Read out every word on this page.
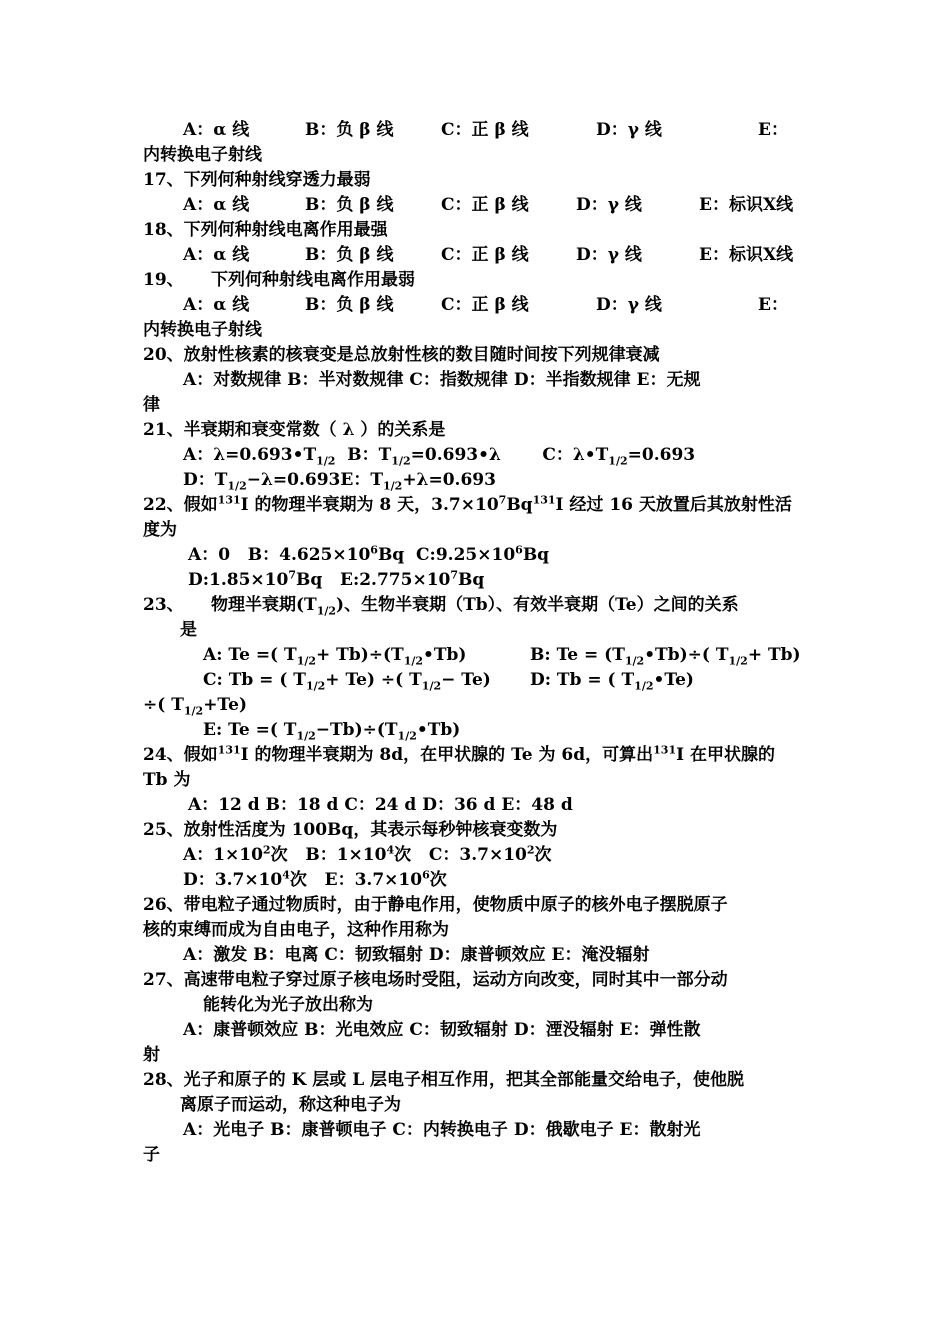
A：α 线	B：负 β 线	C：正 β 线	D：γ 线	E：
内转换电子射线
17、下列何种射线穿透力最弱
A：α 线	B：负 β 线	C：正 β 线	D：γ 线	E：标识Ⅹ线
18、下列何种射线电离作用最强
A：α 线	B：负 β 线	C：正 β 线	D：γ 线	E：标识Ⅹ线
19、 下列何种射线电离作用最弱
A：α 线	B：负 β 线	C：正 β 线	D：γ 线	E：
内转换电子射线
20、放射性核素的核衰变是总放射性核的数目随时间按下列规律衰减
A：对数规律 B：半对数规律 C：指数规律 D：半指数规律 E：无规
律
21、半衰期和衰变常数（ λ ）的关系是
A：$\lambda=0.693•T_{1/2}$  B：$T_{1/2}=0.693•\lambda$       C：$\lambda•T_{1/2}=0.693$
D：$T_{1/2}-\lambda=0.693E$：$T_{1/2}+\lambda=0.693$
22、假如$^{131}$I 的物理半衰期为 8 天，$3.7\times 10^7Bq^{131}I$ 经过 16 天放置后其放射性活
度为
A：0   B：$4.625\times 10^6Bq$  $C:9.25\times 10^6Bq$
$D:1.85\times 10^7Bq$   $E:2.775\times 10^7Bq$
23、 物理半衰期$(T_{1/2})$、生物半衰期（Tb）、有效半衰期（Te）之间的关系
是
A: Te =( $T_{1/2}+$ $Tb)\div(T_{1/2}•Tb)$	B: $Te = (T_{1/2}•Tb)\div$( $T_{1/2}+ Tb$)
C: Tb = ( $T_{1/2}+ Te$) ÷( $T_{1/2}- Te$) D: Tb = ( $T_{1/2}•Te$)
÷( $T_{1/2}+Te$)
E: Te =( $T_{1/2}-Tb)\div(T_{1/2}•Tb)$
24、假如$^{131}$I 的物理半衰期为 8d，在甲状腺的 Te 为 6d，可算出$^{131}$I 在甲状腺的
Tb 为
A：12 d B：18 d C：24 d D：36 d E：48 d
25、放射性活度为 100Bq，其表示每秒钟核衰变数为
A：$1\times 10^2$次   B：$1\times 10^4$次   C：$3.7\times 10^2$次
D：$3.7\times 10^4$次   E：$3.7\times 10^6$次
26、带电粒子通过物质时，由于静电作用，使物质中原子的核外电子摆脱原子
核的束缚而成为自由电子，这种作用称为
A：激发 B：电离 C：韧致辐射 D：康普顿效应 E：淹没辐射
27、高速带电粒子穿过原子核电场时受阻，运动方向改变，同时其中一部分动
能转化为光子放出称为
A：康普顿效应 B：光电效应 C：韧致辐射 D：湮没辐射 E：弹性散
射
28、光子和原子的 K 层或 L 层电子相互作用，把其全部能量交给电子，使他脱
离原子而运动，称这种电子为
A：光电子 B：康普顿电子 C：内转换电子 D：俄歇电子 E：散射光
子
